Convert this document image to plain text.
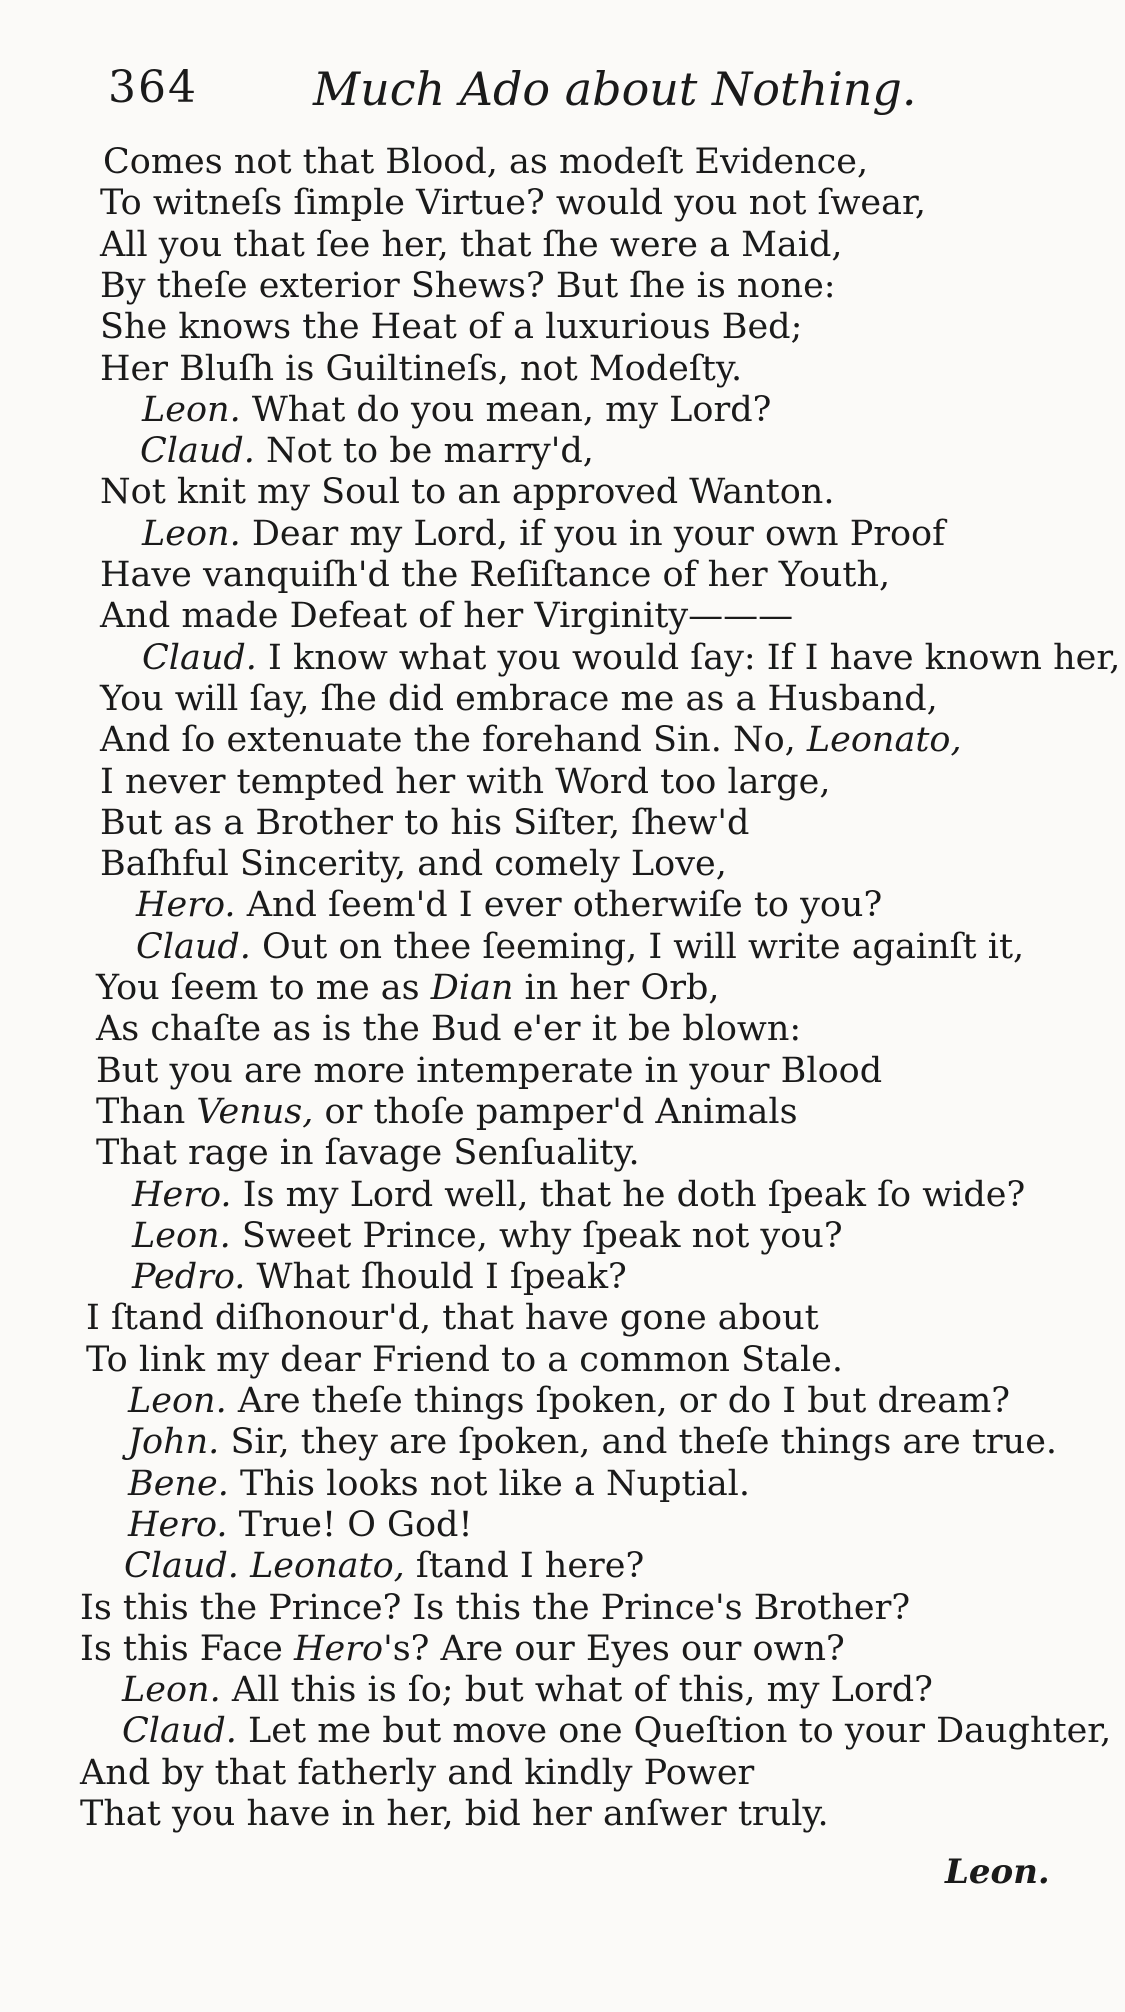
364	Much Ado about Nothing.
Comes not that Blood, as modeſt Evidence,
To witneſs ſimple Virtue? would you not ſwear,
All you that ſee her, that ſhe were a Maid,
By theſe exterior Shews? But ſhe is none:
She knows the Heat of a luxurious Bed;
Her Bluſh is Guiltineſs, not Modeſty.
Leon. What do you mean, my Lord?
Claud. Not to be marry'd,
Not knit my Soul to an approved Wanton.
Leon. Dear my Lord, if you in your own Proof
Have vanquiſh'd the Reſiſtance of her Youth,
And made Defeat of her Virginity———
Claud. I know what you would ſay: If I have known her,
You will ſay, ſhe did embrace me as a Husband,
And ſo extenuate the forehand Sin. No, Leonato,
I never tempted her with Word too large,
But as a Brother to his Siſter, ſhew'd
Baſhful Sincerity, and comely Love,
Hero. And ſeem'd I ever otherwiſe to you?
Claud. Out on thee ſeeming, I will write againſt it,
You ſeem to me as Dian in her Orb,
As chaſte as is the Bud e'er it be blown:
But you are more intemperate in your Blood
Than Venus, or thoſe pamper'd Animals
That rage in ſavage Senſuality.
Hero. Is my Lord well, that he doth ſpeak ſo wide?
Leon. Sweet Prince, why ſpeak not you?
Pedro. What ſhould I ſpeak?
I ſtand diſhonour'd, that have gone about
To link my dear Friend to a common Stale.
Leon. Are theſe things ſpoken, or do I but dream?
John. Sir, they are ſpoken, and theſe things are true.
Bene. This looks not like a Nuptial.
Hero. True! O God!
Claud. Leonato, ſtand I here?
Is this the Prince? Is this the Prince's Brother?
Is this Face Hero's? Are our Eyes our own?
Leon. All this is ſo; but what of this, my Lord?
Claud. Let me but move one Queſtion to your Daughter,
And by that fatherly and kindly Power
That you have in her, bid her anſwer truly.
Leon.
